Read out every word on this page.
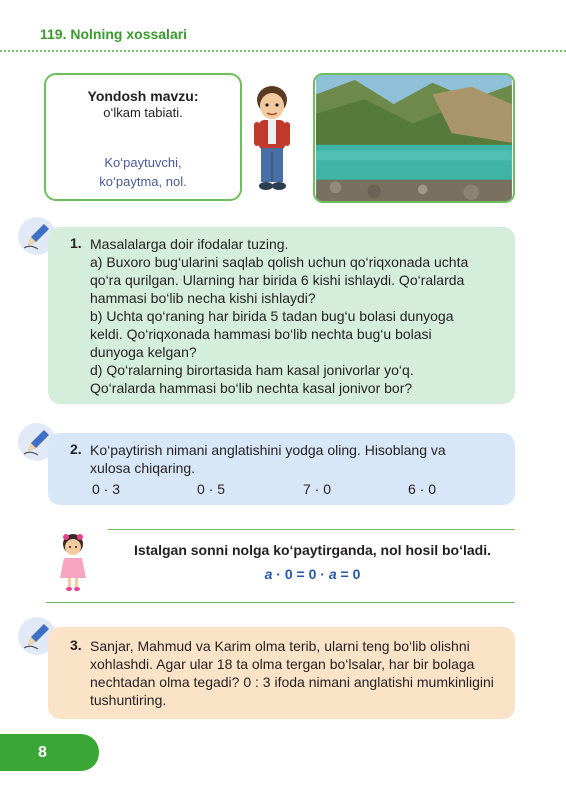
119. Nolning xossalari
Yondosh mavzu:
o‘lkam tabiati.
Ko‘paytuvchi,
ko‘paytma, nol.
1. Masalalarga doir ifodalar tuzing.
a) Buxoro bug‘ularini saqlab qolish uchun qo‘riqxonada uchta
qo‘ra qurilgan. Ularning har birida 6 kishi ishlaydi. Qo‘ralarda
hammasi bo‘lib necha kishi ishlaydi?
b) Uchta qo‘raning har birida 5 tadan bug‘u bolasi dunyoga
keldi. Qo‘riqxonada hammasi bo‘lib nechta bug‘u bolasi
dunyoga kelgan?
d) Qo‘ralarning birortasida ham kasal jonivorlar yo‘q.
Qo‘ralarda hammasi bo‘lib nechta kasal jonivor bor?
2. Ko‘paytirish nimani anglatishini yodga oling. Hisoblang va
xulosa chiqaring.
0 · 3	0 · 5	7 · 0	6 · 0
Istalgan sonni nolga ko‘paytirganda, nol hosil bo‘ladi.
a · 0 = 0 · a = 0
3. Sanjar, Mahmud va Karim olma terib, ularni teng bo‘lib olishni
xohlashdi. Agar ular 18 ta olma tergan bo‘lsalar, har bir bolaga
nechtadan olma tegadi? 0 : 3 ifoda nimani anglatishi mumkinligini
tushuntiring.
8
